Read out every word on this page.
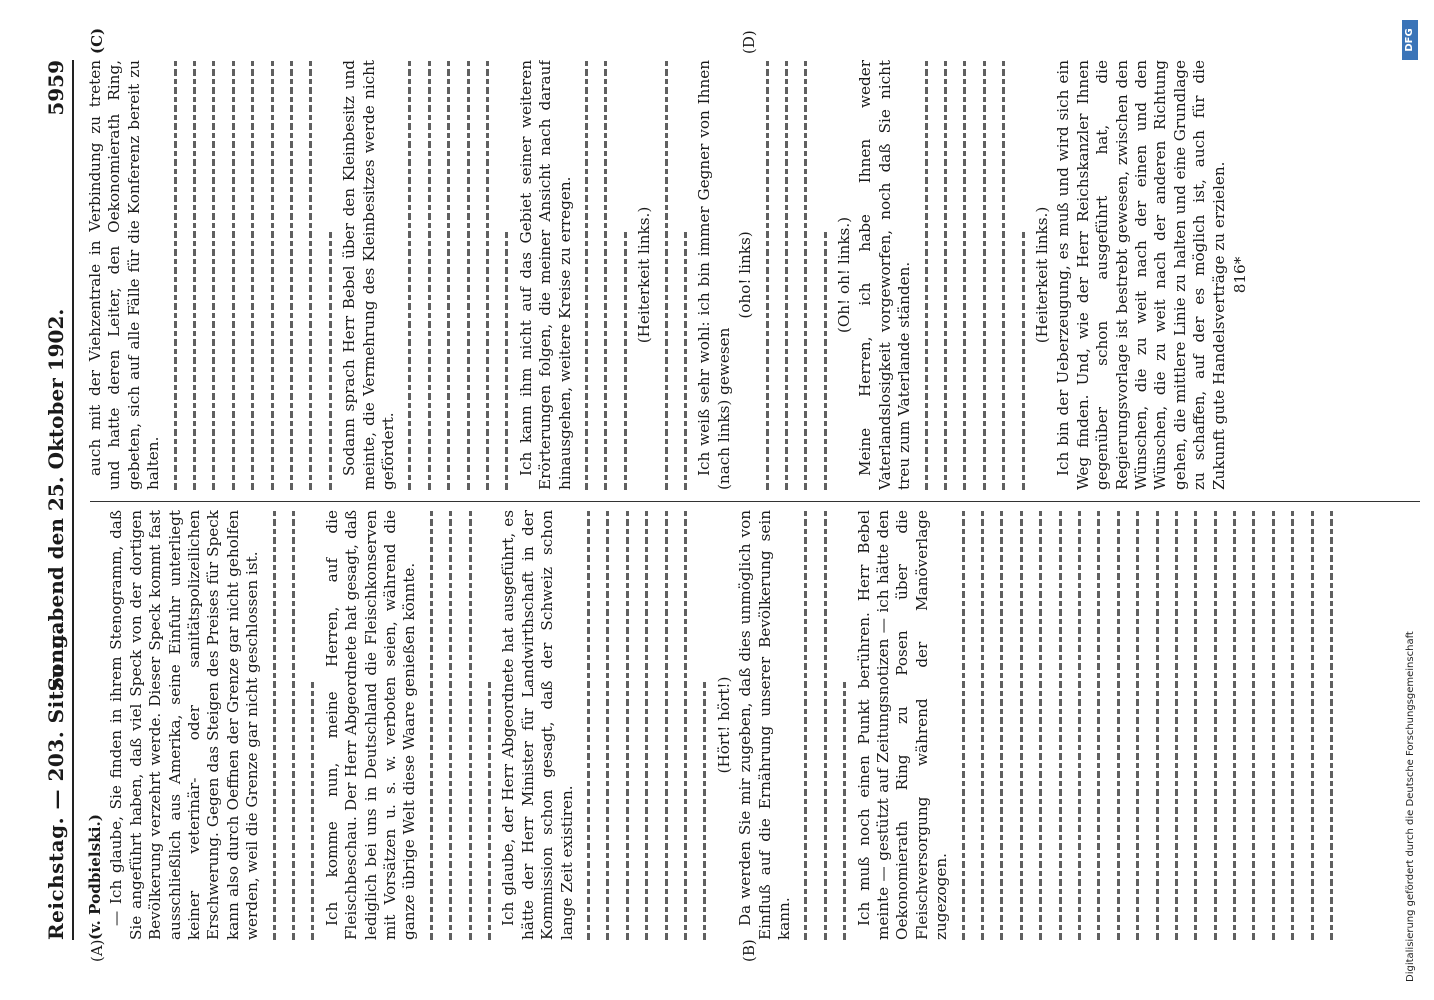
Reichstag. — 203. Sitzung.
Sonnabend den 25. Oktober 1902.
5959
(A)	(B)
(C)	(D)

(v. Podbielski.) — Ich glaube, Sie finden in ihrem Stenogramm, daß Sie angeführt haben, daß viel Speck von der dortigen Bevölkerung verzehrt werde. Dieser Speck kommt fast ausschließlich aus Amerika, seine Einfuhr unterliegt keiner veterinär- oder sanitätspolizeilichen Erschwerung. Gegen das Steigen des Preises für Speck kann also durch Oeffnen der Grenze gar nicht geholfen werden, weil die Grenze gar nicht geschlossen ist.	Ich komme nun, meine Herren, auf die Fleischbeschau. Der Herr Abgeordnete hat gesagt, daß lediglich bei uns in Deutschland die Fleischkonserven mit Vorsätzen u. s. w. verboten seien, während die ganze übrige Welt diese Waare genießen könnte.	Ich glaube, der Herr Abgeordnete hat ausgeführt, es hätte der Herr Minister für Landwirthschaft in der Kommission schon gesagt, daß der Schweiz schon lange Zeit existiren.

(Hört! hört!) Da werden Sie mir zugeben, daß dies unmöglich von Einfluß auf die Ernährung unserer Bevölkerung sein kann.	Ich muß noch einen Punkt berühren. Herr Bebel meinte — gestützt auf Zeitungsnotizen — ich hätte den Oekonomierath Ring zu Posen über die Fleischversorgung während der Manöverlage zugezogen.

auch mit der Viehzentrale in Verbindung zu treten und hatte deren Leiter, den Oekonomierath Ring, gebeten, sich auf alle Fälle für die Konferenz bereit zu halten.	Sodann sprach Herr Bebel über den Kleinbesitz und meinte, die Vermehrung des Kleinbesitzes werde nicht gefördert.	Ich kann ihm nicht auf das Gebiet seiner weiteren Erörterungen folgen, die meiner Ansicht nach darauf hinausgehen, weitere Kreise zu erregen.	(Heiterkeit links.)	Ich weiß sehr wohl: ich bin immer Gegner von Ihnen (nach links) gewesen

(oho! links)	(Oh! oh! links.) Meine Herren, ich habe Ihnen weder Vaterlandslosigkeit vorgeworfen, noch daß Sie nicht treu zum Vaterlande ständen.	(Heiterkeit links.) Ich bin der Ueberzeugung, es muß und wird sich ein Weg finden. Und, wie der Herr Reichskanzler Ihnen gegenüber schon ausgeführt hat, die Regierungsvorlage ist bestrebt gewesen, zwischen den Wünschen, die zu weit nach der einen und den Wünschen, die zu weit nach der anderen Richtung gehen, die mittlere Linie zu halten und eine Grundlage zu schaffen, auf der es möglich ist, auch für die Zukunft gute Handelsverträge zu erzielen. 816*

Digitalisierung gefördert durch die Deutsche Forschungsgemeinschaft
DFG
